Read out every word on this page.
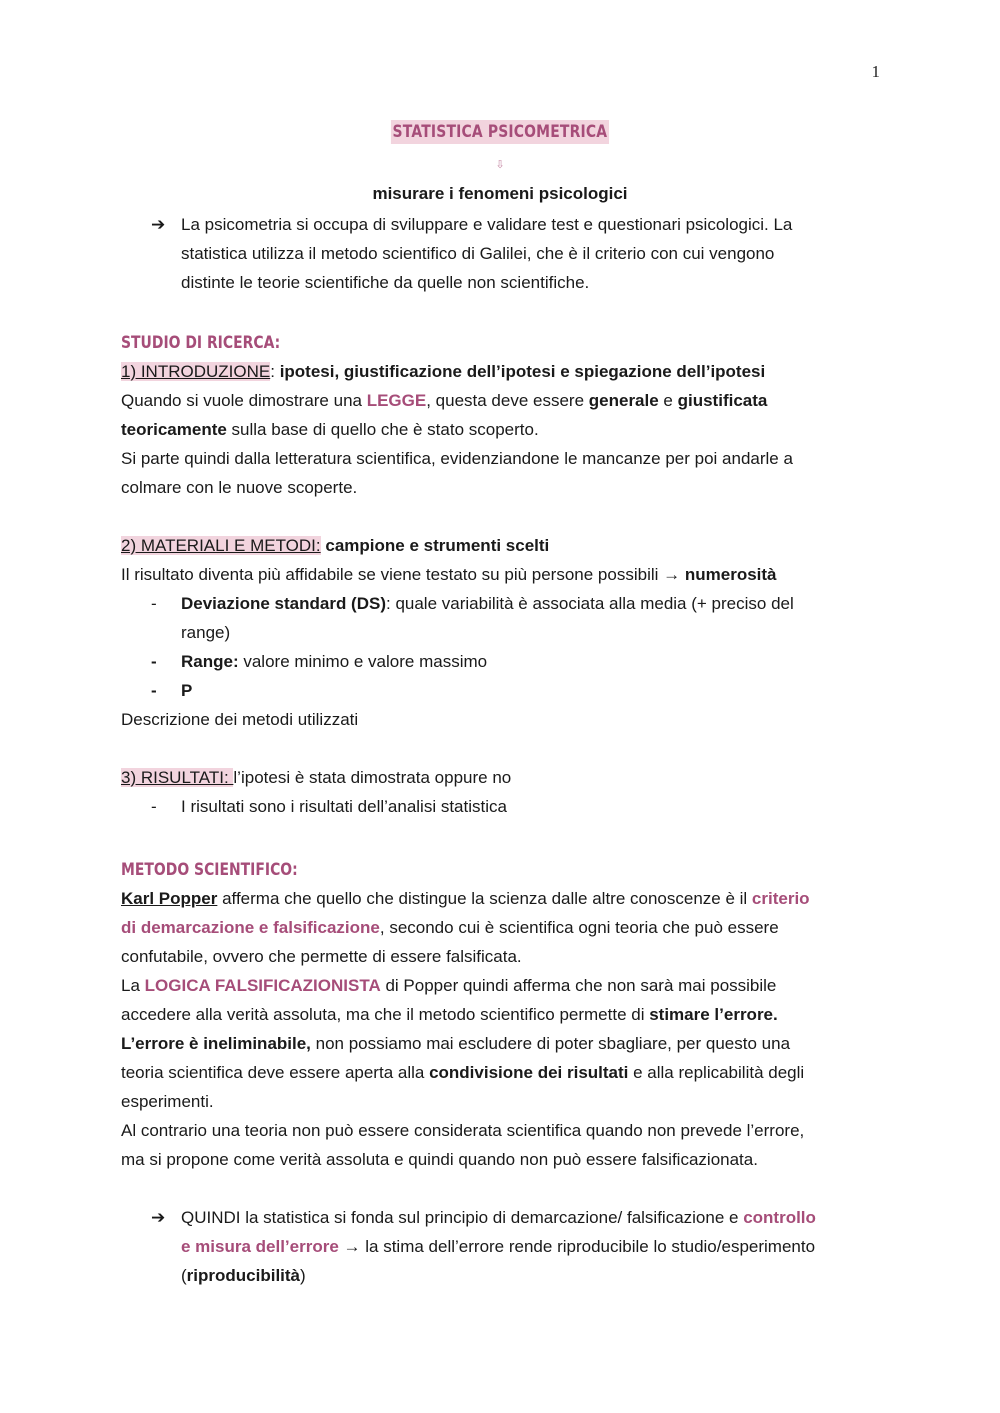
1
STATISTICA PSICOMETRICA
⇩
misurare i fenomeni psicologici
➔ La psicometria si occupa di sviluppare e validare test e questionari psicologici. La
statistica utilizza il metodo scientifico di Galilei, che è il criterio con cui vengono
distinte le teorie scientifiche da quelle non scientifiche.
STUDIO DI RICERCA:
1) INTRODUZIONE: ipotesi, giustificazione dell’ipotesi e spiegazione dell’ipotesi
Quando si vuole dimostrare una LEGGE, questa deve essere generale e giustificata
teoricamente sulla base di quello che è stato scoperto.
Si parte quindi dalla letteratura scientifica, evidenziandone le mancanze per poi andarle a
colmare con le nuove scoperte.
2) MATERIALI E METODI: campione e strumenti scelti
Il risultato diventa più affidabile se viene testato su più persone possibili → numerosità
-	Deviazione standard (DS): quale variabilità è associata alla media (+ preciso del
range)
-	Range: valore minimo e valore massimo
-	P
Descrizione dei metodi utilizzati
3) RISULTATI: l’ipotesi è stata dimostrata oppure no
-	I risultati sono i risultati dell’analisi statistica
METODO SCIENTIFICO:
Karl Popper afferma che quello che distingue la scienza dalle altre conoscenze è il criterio
di demarcazione e falsificazione, secondo cui è scientifica ogni teoria che può essere
confutabile, ovvero che permette di essere falsificata.
La LOGICA FALSIFICAZIONISTA di Popper quindi afferma che non sarà mai possibile
accedere alla verità assoluta, ma che il metodo scientifico permette di stimare l’errore.
L’errore è ineliminabile, non possiamo mai escludere di poter sbagliare, per questo una
teoria scientifica deve essere aperta alla condivisione dei risultati e alla replicabilità degli
esperimenti.
Al contrario una teoria non può essere considerata scientifica quando non prevede l’errore,
ma si propone come verità assoluta e quindi quando non può essere falsificazionata.
➔ QUINDI la statistica si fonda sul principio di demarcazione/ falsificazione e controllo
e misura dell’errore → la stima dell’errore rende riproducibile lo studio/esperimento
(riproducibilità)
